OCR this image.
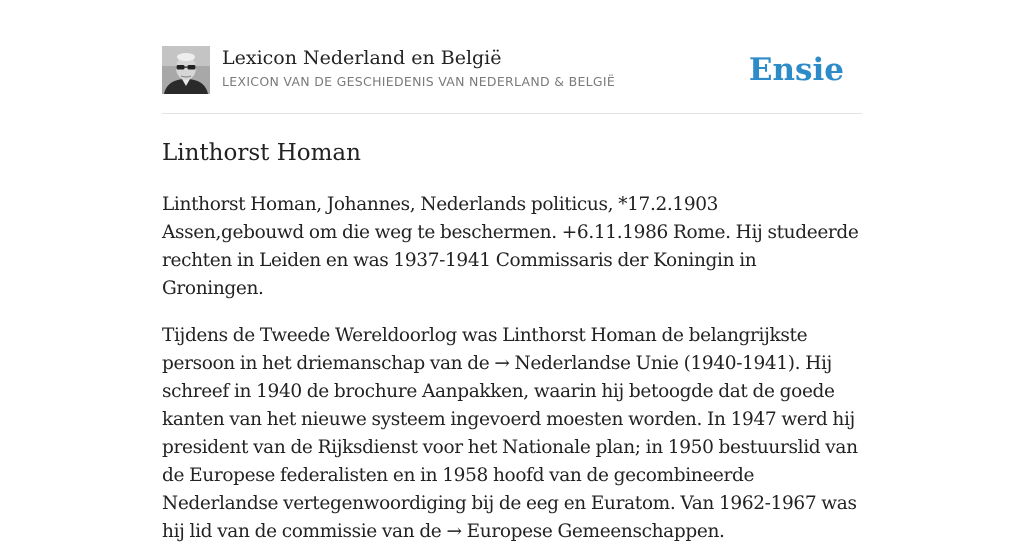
Lexicon Nederland en België
LEXICON VAN DE GESCHIEDENIS VAN NEDERLAND & BELGIË	Ensie
Linthorst Homan

Linthorst Homan, Johannes, Nederlands politicus, *17.2.1903 Assen,gebouwd om die weg te beschermen. +6.11.1986 Rome. Hij studeerde rechten in Leiden en was 1937-1941 Commissaris der Koningin in Groningen.

Tijdens de Tweede Wereldoorlog was Linthorst Homan de belangrijkste persoon in het driemanschap van de → Nederlandse Unie (1940-1941). Hij schreef in 1940 de brochure Aanpakken, waarin hij betoogde dat de goede kanten van het nieuwe systeem ingevoerd moesten worden. In 1947 werd hij president van de Rijksdienst voor het Nationale plan; in 1950 bestuurslid van de Europese federalisten en in 1958 hoofd van de gecombineerde Nederlandse vertegenwoordiging bij de eeg en Euratom. Van 1962-1967 was hij lid van de commissie van de → Europese Gemeenschappen.
